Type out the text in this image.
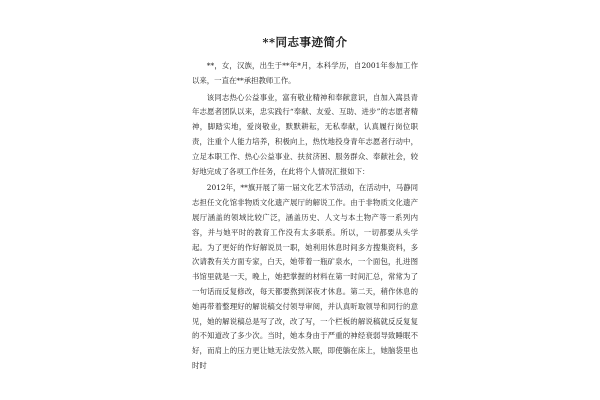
**同志事迹简介

**，女，汉族，出生于**年*月，本科学历，自2001年参加工作以来，一直在**承担教师工作。

该同志热心公益事业，富有敬业精神和奉献意识，自加入嵩县青年志愿者团队以来，忠实践行“奉献、友爱、互助、进步”的志愿者精神，脚踏实地，爱岗敬业，默默耕耘，无私奉献，认真履行岗位职责，注重个人能力培养，积极向上，热忱地投身青年志愿者行动中，立足本职工作、热心公益事业、扶贫济困、服务群众、奉献社会，较好地完成了各项工作任务，在此将个人情况汇报如下：

2012年，**旗开展了第一届文化艺术节活动，在活动中，马静同志担任文化馆非物质文化遗产展厅的解说工作。由于非物质文化遗产展厅涵盖的领域比较广泛，涵盖历史、人文与本土物产等一系列内容，并与她平时的教育工作没有太多联系。所以，一切都要从头学起。为了更好的作好解说员一职，她利用休息时间多方搜集资料，多次请教有关方面专家，白天，她带着一瓶矿泉水，一个面包，扎进图书馆里就是一天，晚上，她把掌握的材料在第一时间汇总，常常为了一句话而反复修改，每天都要熬到深夜才休息。第二天，稍作休息的她再带着整理好的解说稿交付领导审阅，并认真听取领导和同行的意见，她的解说稿总是写了改，改了写，一个栏板的解说稿就反反复复的不知道改了多少次。当时，她本身由于严重的神经衰弱导致睡眠不好，而肩上的压力更让她无法安然入眠，即使躺在床上，她脑袋里也时时
